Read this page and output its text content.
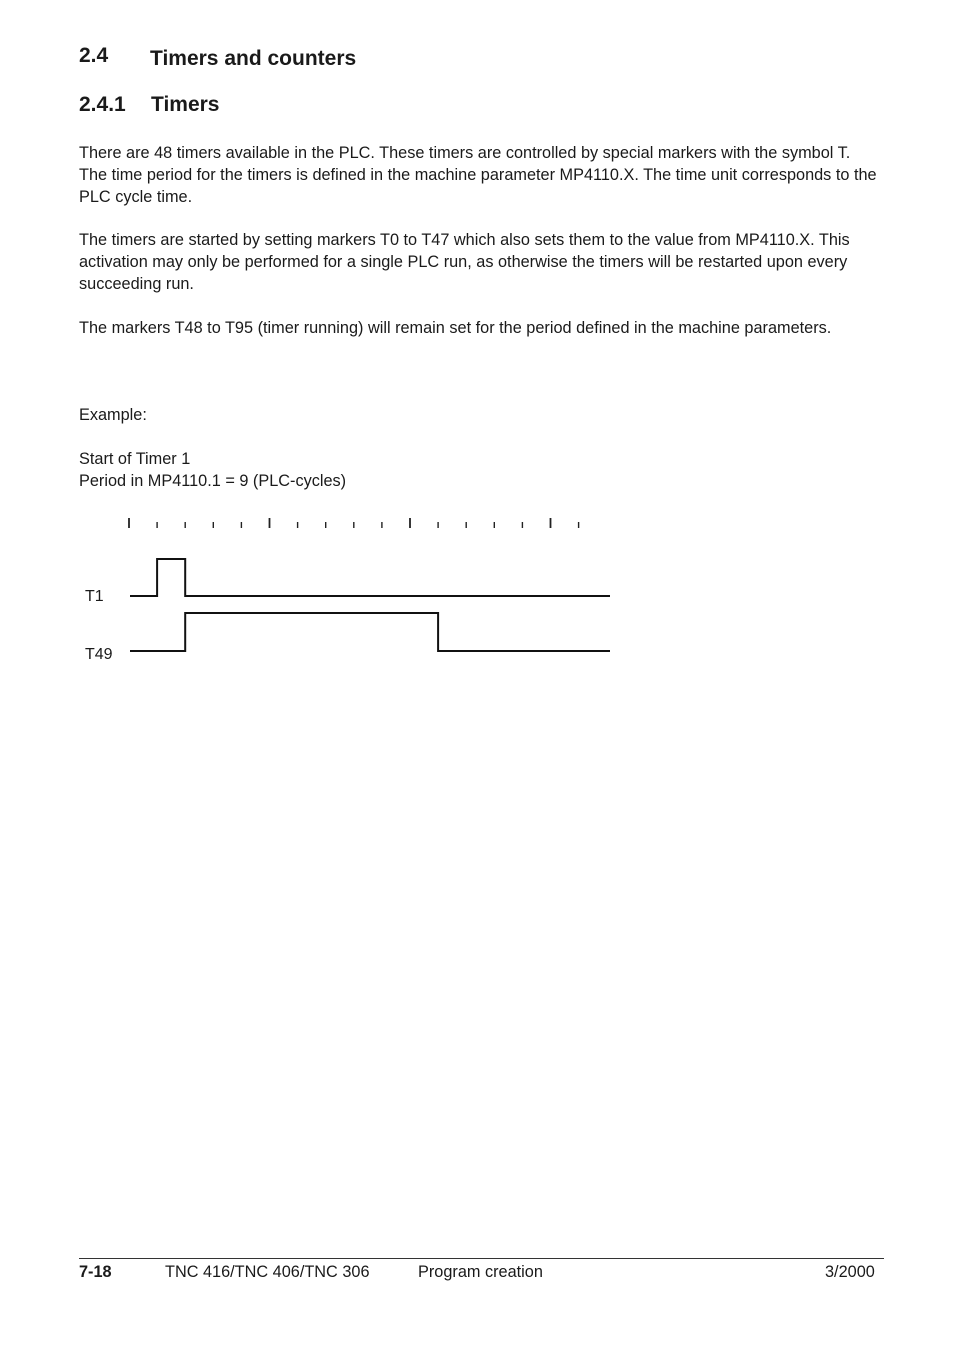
2.4 Timers and counters
2.4.1 Timers

There are 48 timers available in the PLC. These timers are controlled by special markers with the symbol T. The time period for the timers is defined in the machine parameter MP4110.X. The time unit corresponds to the PLC cycle time.

The timers are started by setting markers T0 to T47 which also sets them to the value from MP4110.X. This activation may only be performed for a single PLC run, as otherwise the timers will be restarted upon every succeeding run.

The markers T48 to T95 (timer running) will remain set for the period defined in the machine parameters.

Example:
Start of Timer 1
Period in MP4110.1 = 9 (PLC-cycles)
T1
T49
7-18	TNC 416/TNC 406/TNC 306	Program creation	3/2000
